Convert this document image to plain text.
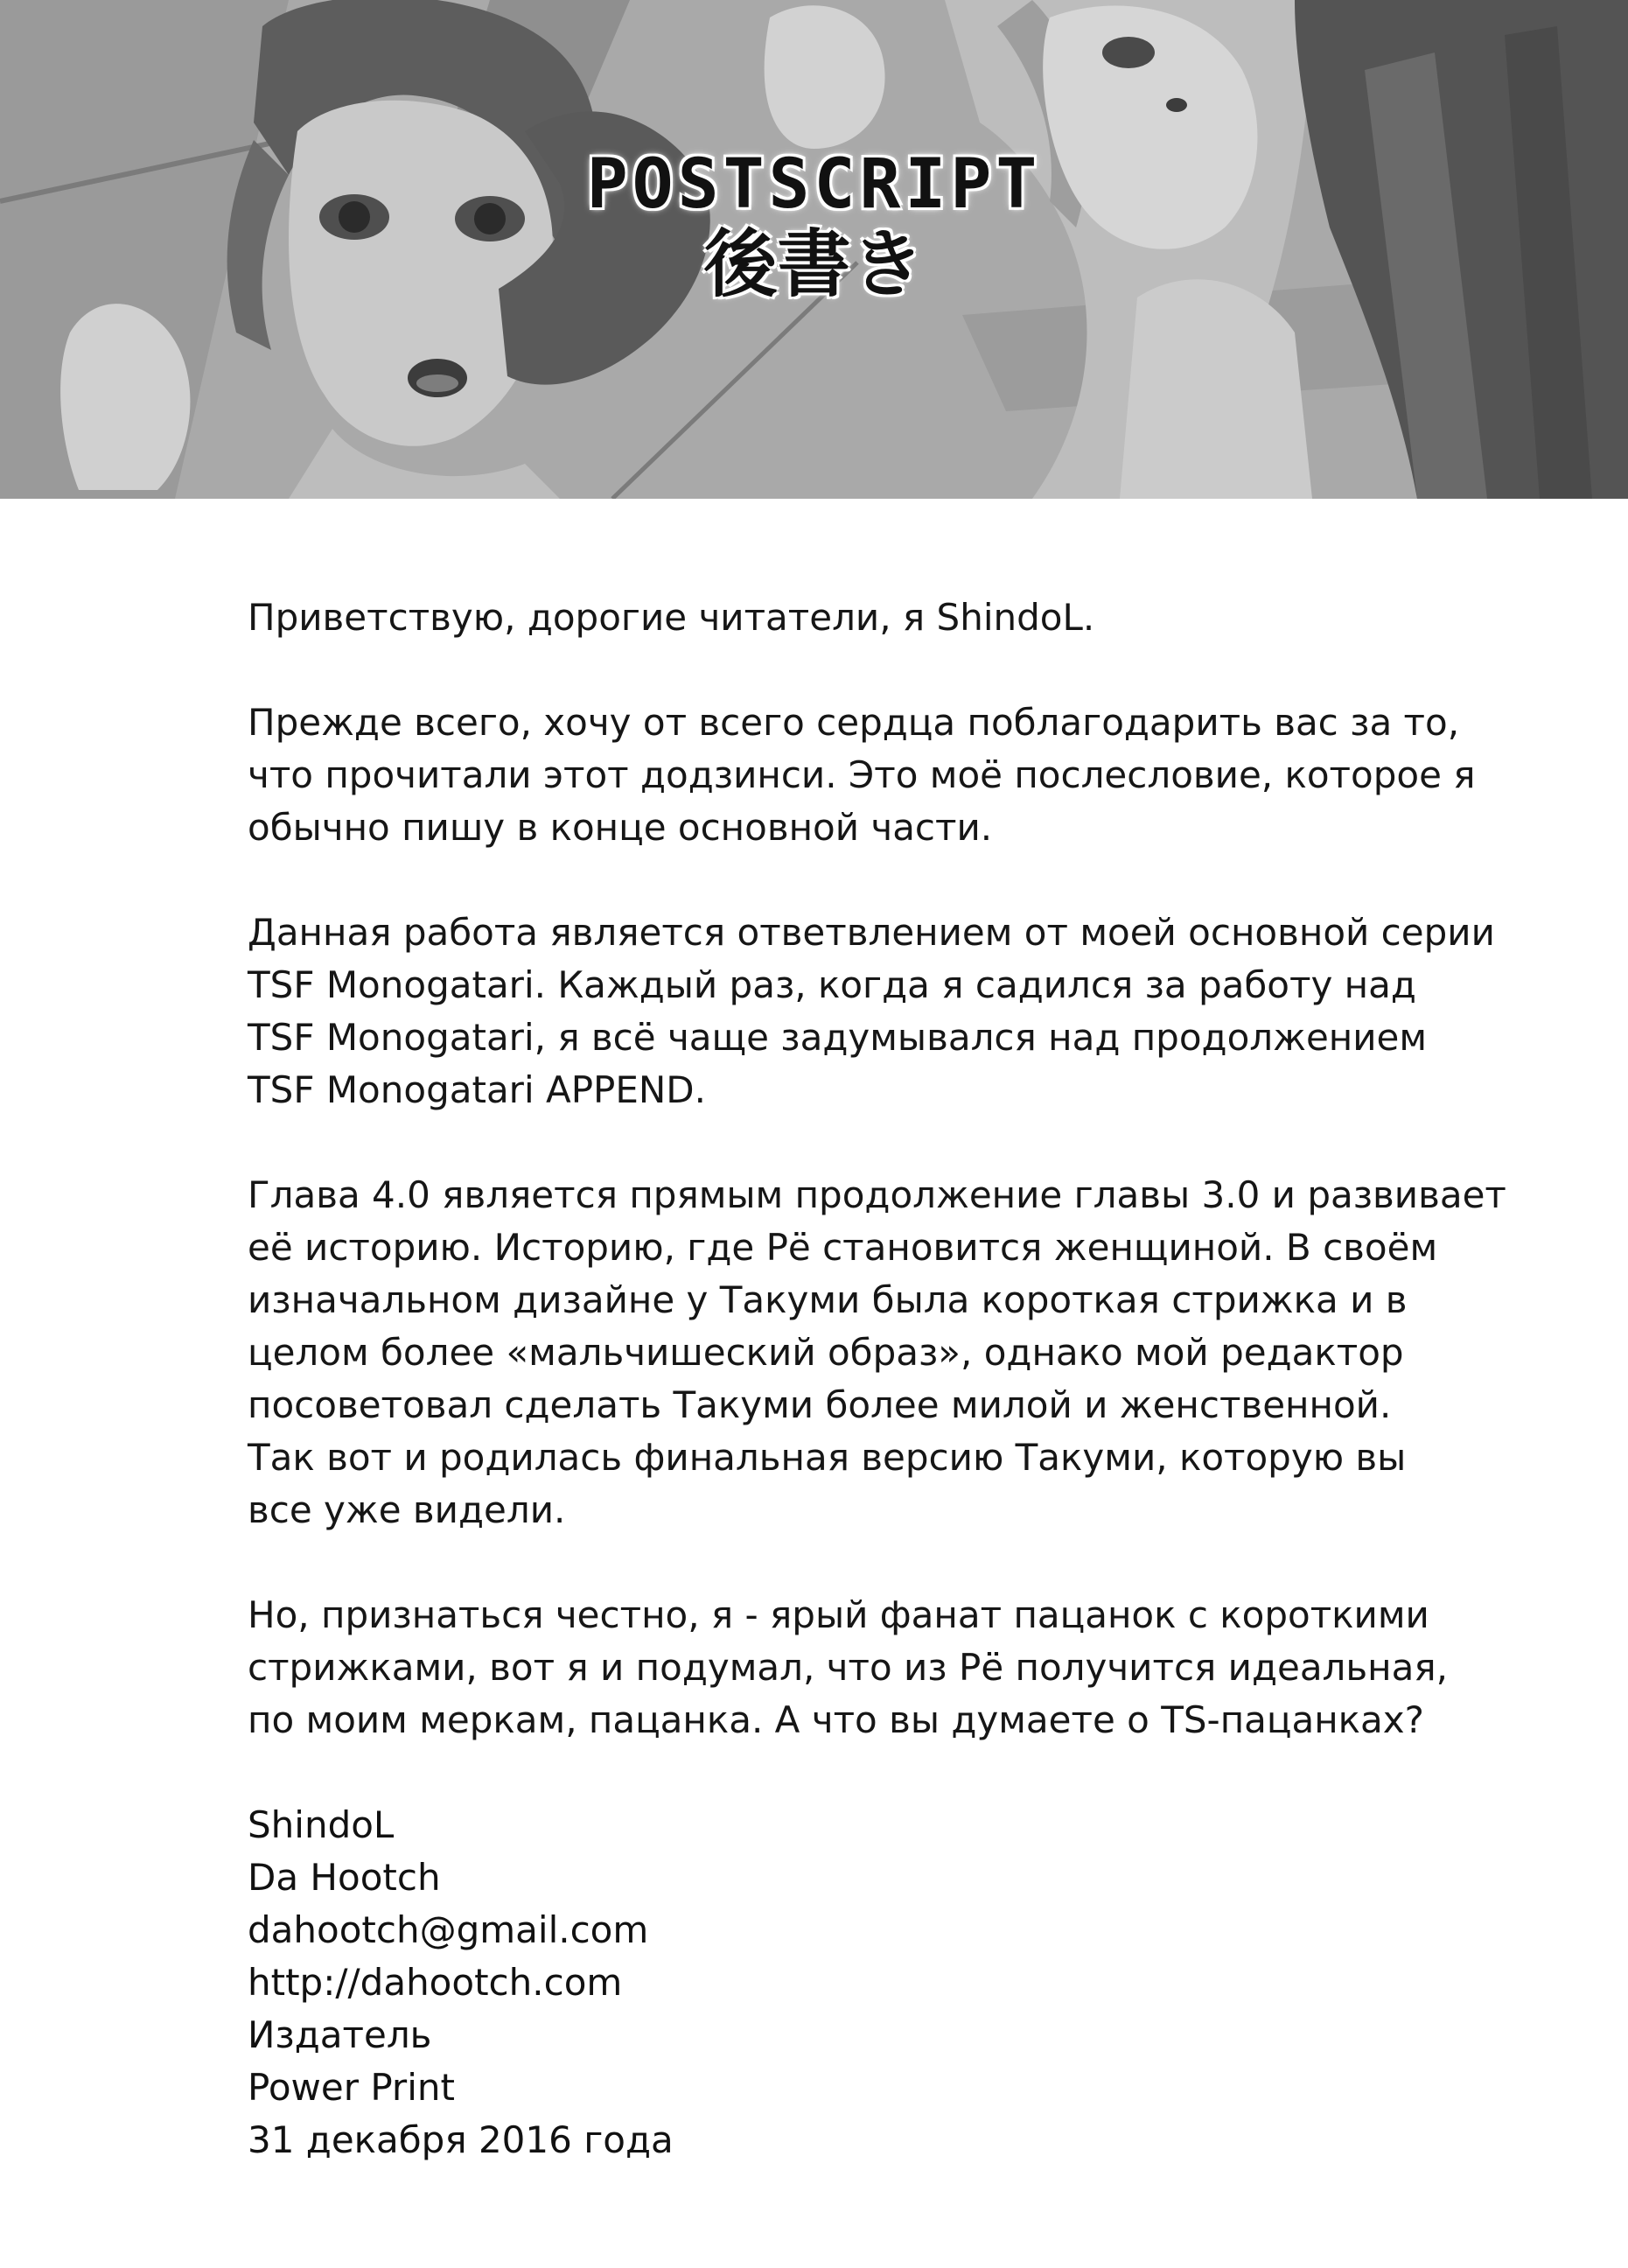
POSTSCRIPT
後書き

Приветствую, дорогие читатели, я ShindoL.

Прежде всего, хочу от всего сердца поблагодарить вас за то,
что прочитали этот додзинси. Это моё послесловие, которое я
обычно пишу в конце основной части.

Данная работа является ответвлением от моей основной серии
TSF Monogatari. Каждый раз, когда я садился за работу над
TSF Monogatari, я всё чаще задумывался над продолжением
TSF Monogatari APPEND.

Глава 4.0 является прямым продолжение главы 3.0 и развивает
её историю. Историю, где Рё становится женщиной. В своём
изначальном дизайне у Такуми была короткая стрижка и в
целом более «мальчишеский образ», однако мой редактор
посоветовал сделать Такуми более милой и женственной.
Так вот и родилась финальная версию Такуми, которую вы
все уже видели.

Но, признаться честно, я - ярый фанат пацанок с короткими
стрижками, вот я и подумал, что из Рё получится идеальная,
по моим меркам, пацанка. А что вы думаете о TS-пацанках?

ShindoL
Da Hootch
dahootch@gmail.com
http://dahootch.com
Издатель
Power Print
31 декабря 2016 года
